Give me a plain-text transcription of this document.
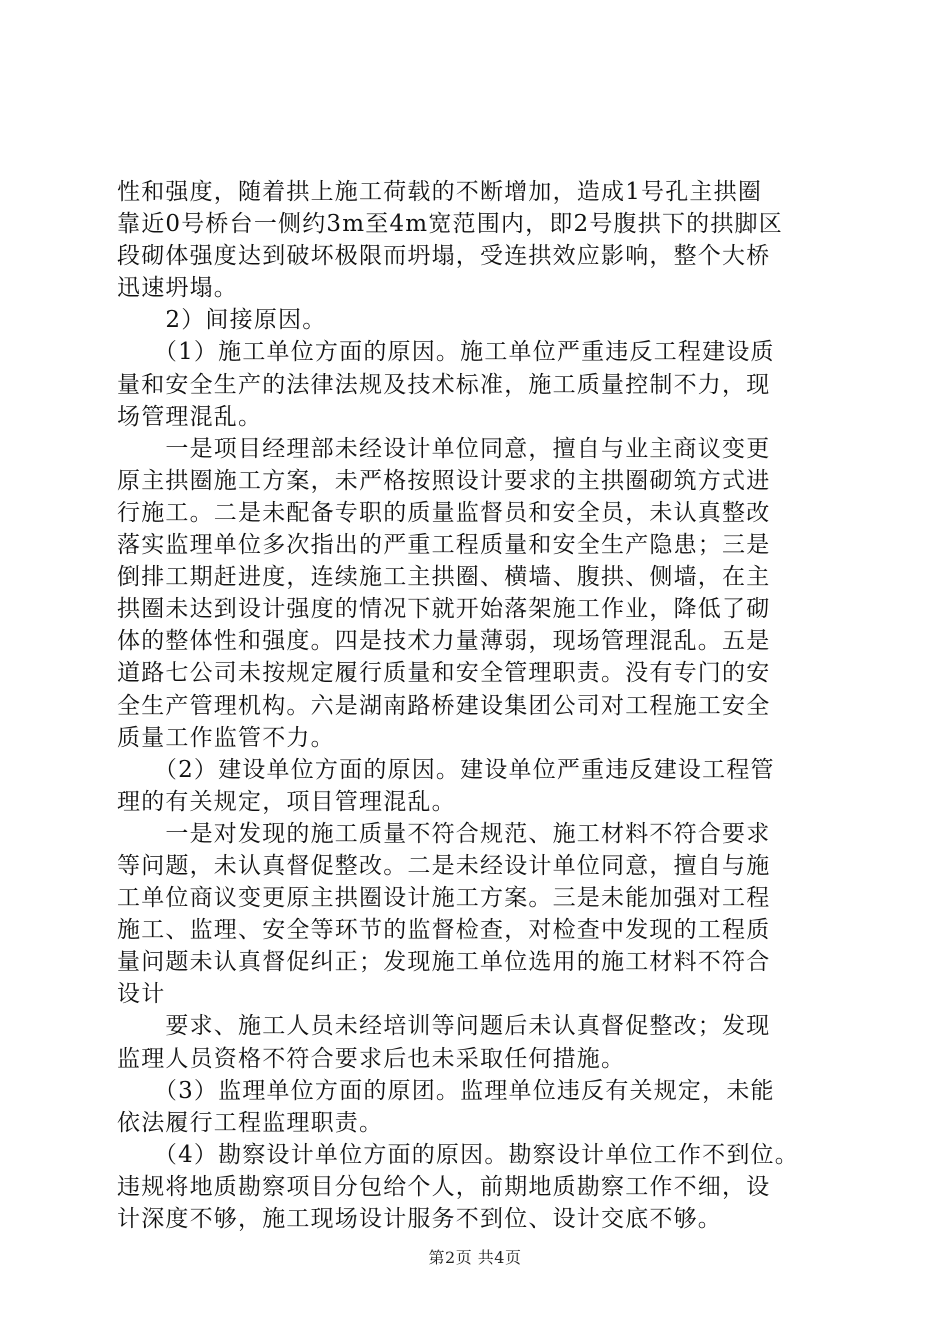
性和强度，随着拱上施工荷载的不断增加，造成1号孔主拱圈

靠近0号桥台一侧约3m至4m宽范围内，即2号腹拱下的拱脚区

段砌体强度达到破坏极限而坍塌，受连拱效应影响，整个大桥

迅速坍塌。

　　2）间接原因。

　　（1）施工单位方面的原因。施工单位严重违反工程建设质

量和安全生产的法律法规及技术标准，施工质量控制不力，现

场管理混乱。

　　一是项目经理部未经设计单位同意，擅自与业主商议变更

原主拱圈施工方案，未严格按照设计要求的主拱圈砌筑方式进

行施工。二是未配备专职的质量监督员和安全员，未认真整改

落实监理单位多次指出的严重工程质量和安全生产隐患；三是

倒排工期赶进度，连续施工主拱圈、横墙、腹拱、侧墙，在主

拱圈未达到设计强度的情况下就开始落架施工作业，降低了砌

体的整体性和强度。四是技术力量薄弱，现场管理混乱。五是

道路七公司未按规定履行质量和安全管理职责。没有专门的安

全生产管理机构。六是湖南路桥建设集团公司对工程施工安全

质量工作监管不力。

　　（2）建设单位方面的原因。建设单位严重违反建设工程管

理的有关规定，项目管理混乱。

　　一是对发现的施工质量不符合规范、施工材料不符合要求

等问题，未认真督促整改。二是未经设计单位同意，擅自与施

工单位商议变更原主拱圈设计施工方案。三是未能加强对工程

施工、监理、安全等环节的监督检查，对检查中发现的工程质

量问题未认真督促纠正；发现施工单位选用的施工材料不符合

设计

　　要求、施工人员未经培训等问题后未认真督促整改；发现

监理人员资格不符合要求后也未采取任何措施。

　　（3）监理单位方面的原团。监理单位违反有关规定，未能

依法履行工程监理职责。

　　（4）勘察设计单位方面的原因。勘察设计单位工作不到位。

违规将地质勘察项目分包给个人，前期地质勘察工作不细，设

计深度不够，施工现场设计服务不到位、设计交底不够。

第2页 共4页
